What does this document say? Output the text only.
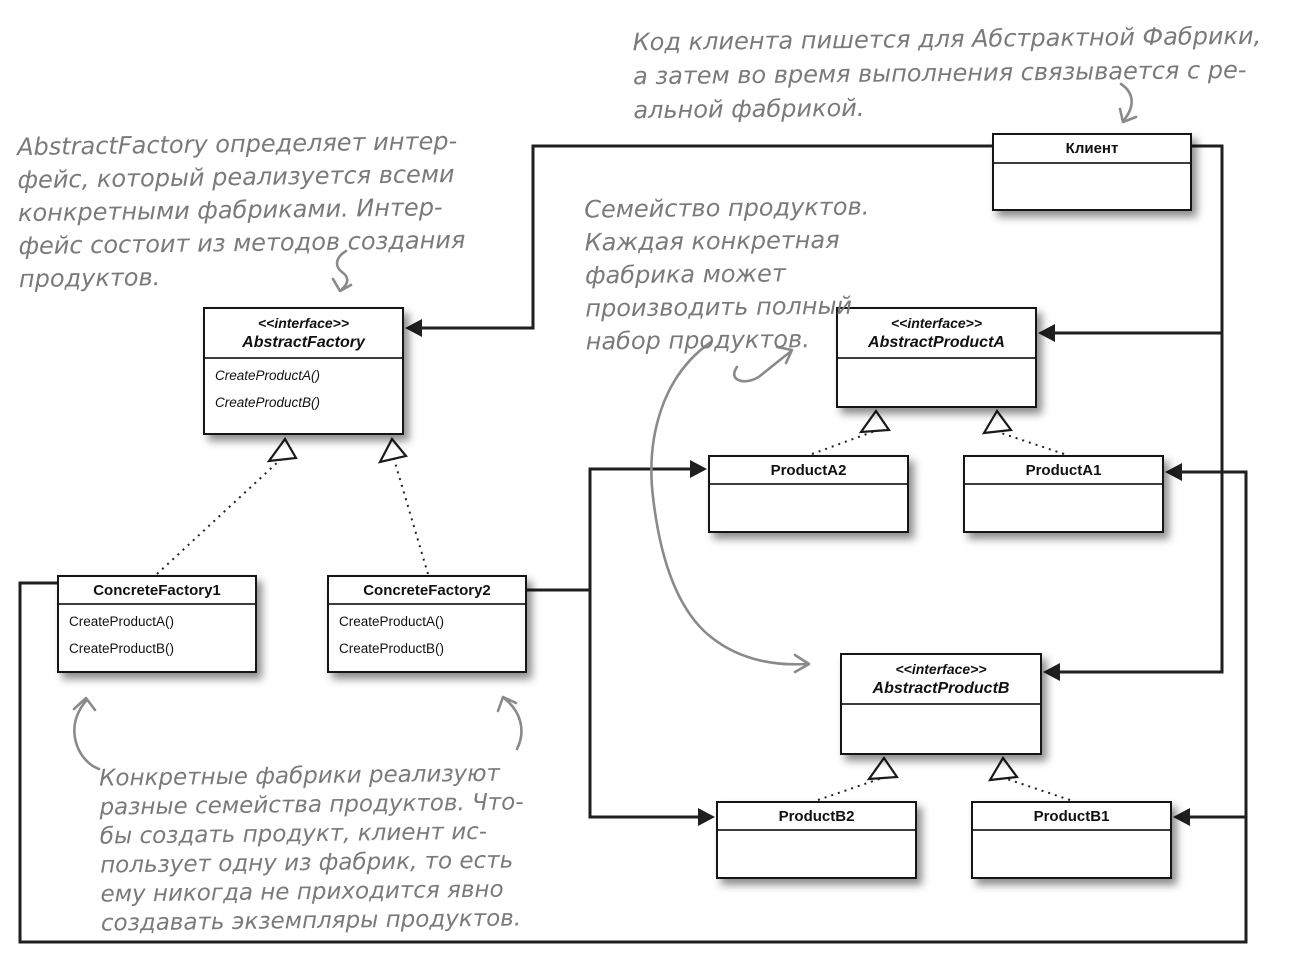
Клиент
<<interface>>
AbstractFactory
CreateProductA()
CreateProductB()
<<interface>>
AbstractProductA
ProductA2	ProductA1
ConcreteFactory1
CreateProductA()
CreateProductB()
ConcreteFactory2
CreateProductA()
CreateProductB()
<<interface>>
AbstractProductB
ProductB2	ProductB1
AbstractFactory определяет интер-
фейс, который реализуется всеми
конкретными фабриками. Интер-
фейс состоит из методов создания
продуктов.
Код клиента пишется для Абстрактной Фабрики,
а затем во время выполнения связывается с ре-
альной фабрикой.
Семейство продуктов.
Каждая конкретная
фабрика может
производить полный
набор продуктов.
Конкретные фабрики реализуют
разные семейства продуктов. Что-
бы создать продукт, клиент ис-
пользует одну из фабрик, то есть
ему никогда не приходится явно
создавать экземпляры продуктов.
